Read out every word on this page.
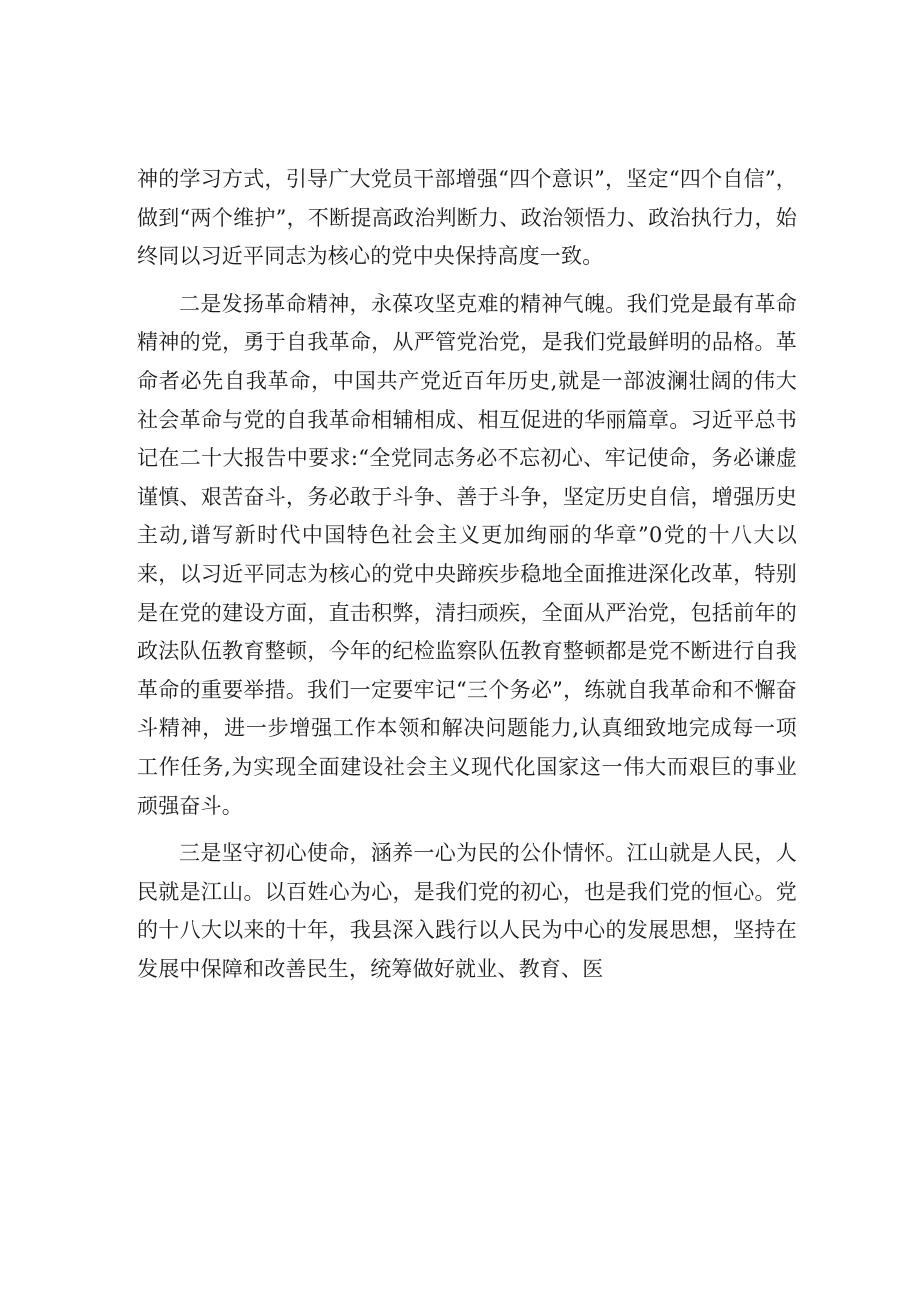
神的学习方式，引导广大党员干部增强“四个意识”，坚定“四个自信”，做到“两个维护”，不断提高政治判断力、政治领悟力、政治执行力，始终同以习近平同志为核心的党中央保持高度一致。

二是发扬革命精神，永葆攻坚克难的精神气魄。我们党是最有革命精神的党，勇于自我革命，从严管党治党，是我们党最鲜明的品格。革命者必先自我革命，中国共产党近百年历史,就是一部波澜壮阔的伟大社会革命与党的自我革命相辅相成、相互促进的华丽篇章。习近平总书记在二十大报告中要求:“全党同志务必不忘初心、牢记使命，务必谦虚谨慎、艰苦奋斗，务必敢于斗争、善于斗争，坚定历史自信，增强历史主动,谱写新时代中国特色社会主义更加绚丽的华章”0党的十八大以来，以习近平同志为核心的党中央蹄疾步稳地全面推进深化改革，特别是在党的建设方面，直击积弊，清扫顽疾，全面从严治党，包括前年的政法队伍教育整顿，今年的纪检监察队伍教育整顿都是党不断进行自我革命的重要举措。我们一定要牢记“三个务必”，练就自我革命和不懈奋斗精神，进一步增强工作本领和解决问题能力,认真细致地完成每一项工作任务,为实现全面建设社会主义现代化国家这一伟大而艰巨的事业顽强奋斗。

三是坚守初心使命，涵养一心为民的公仆情怀。江山就是人民，人民就是江山。以百姓心为心，是我们党的初心，也是我们党的恒心。党的十八大以来的十年，我县深入践行以人民为中心的发展思想，坚持在发展中保障和改善民生，统筹做好就业、教育、医
